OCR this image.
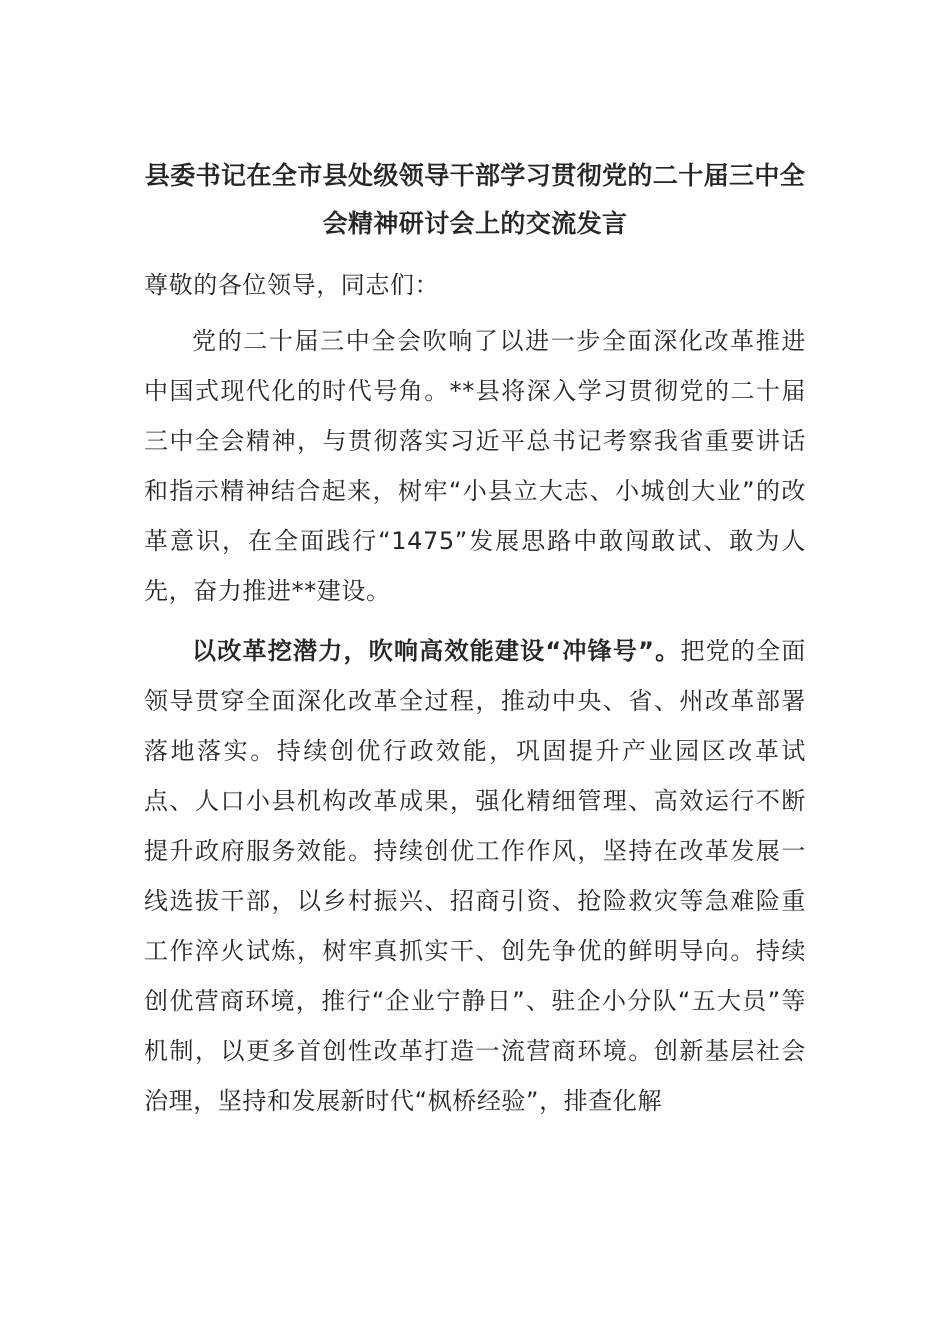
县委书记在全市县处级领导干部学习贯彻党的二十届三中全会精神研讨会上的交流发言

尊敬的各位领导，同志们：

党的二十届三中全会吹响了以进一步全面深化改革推进中国式现代化的时代号角。**县将深入学习贯彻党的二十届三中全会精神，与贯彻落实习近平总书记考察我省重要讲话和指示精神结合起来，树牢“小县立大志、小城创大业”的改革意识，在全面践行“1475”发展思路中敢闯敢试、敢为人先，奋力推进**建设。

以改革挖潜力，吹响高效能建设“冲锋号”。把党的全面领导贯穿全面深化改革全过程，推动中央、省、州改革部署落地落实。持续创优行政效能，巩固提升产业园区改革试点、人口小县机构改革成果，强化精细管理、高效运行不断提升政府服务效能。持续创优工作作风，坚持在改革发展一线选拔干部，以乡村振兴、招商引资、抢险救灾等急难险重工作淬火试炼，树牢真抓实干、创先争优的鲜明导向。持续创优营商环境，推行“企业宁静日”、驻企小分队“五大员”等机制，以更多首创性改革打造一流营商环境。创新基层社会治理，坚持和发展新时代“枫桥经验”，排查化解
